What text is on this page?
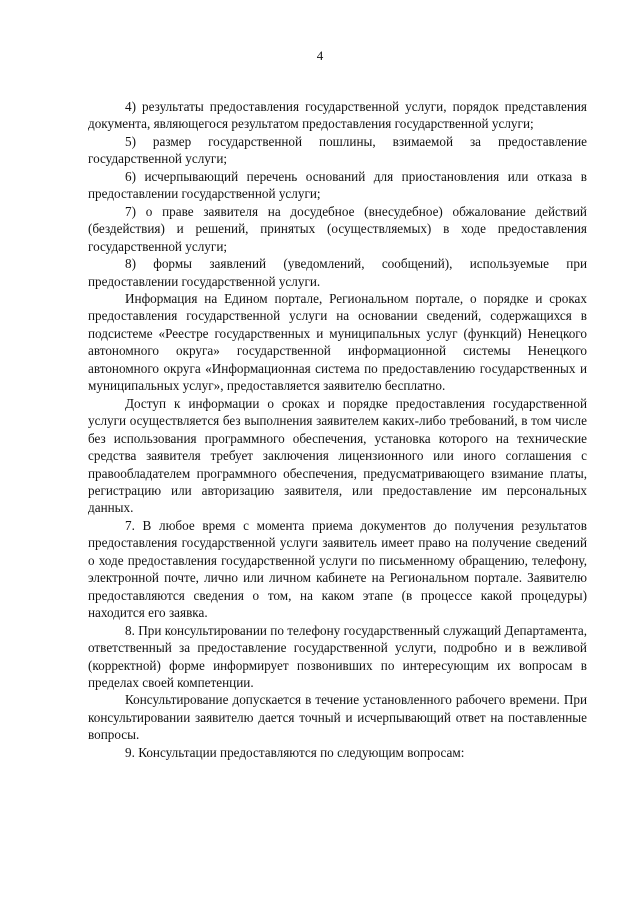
4

4) результаты предоставления государственной услуги, порядок представления документа, являющегося результатом предоставления государственной услуги;

5) размер государственной пошлины, взимаемой за предоставление государственной услуги;

6) исчерпывающий перечень оснований для приостановления или отказа в предоставлении государственной услуги;

7) о праве заявителя на досудебное (внесудебное) обжалование действий (бездействия) и решений, принятых (осуществляемых) в ходе предоставления государственной услуги;

8) формы заявлений (уведомлений, сообщений), используемые при предоставлении государственной услуги.

Информация на Едином портале, Региональном портале, о порядке и сроках предоставления государственной услуги на основании сведений, содержащихся в подсистеме «Реестре государственных и муниципальных услуг (функций) Ненецкого автономного округа» государственной информационной системы Ненецкого автономного округа «Информационная система по предоставлению государственных и муниципальных услуг», предоставляется заявителю бесплатно.

Доступ к информации о сроках и порядке предоставления государственной услуги осуществляется без выполнения заявителем каких-либо требований, в том числе без использования программного обеспечения, установка которого на технические средства заявителя требует заключения лицензионного или иного соглашения с правообладателем программного обеспечения, предусматривающего взимание платы, регистрацию или авторизацию заявителя, или предоставление им персональных данных.

7. В любое время с момента приема документов до получения результатов предоставления государственной услуги заявитель имеет право на получение сведений о ходе предоставления государственной услуги по письменному обращению, телефону, электронной почте, лично или личном кабинете на Региональном портале. Заявителю предоставляются сведения о том, на каком этапе (в процессе какой процедуры) находится его заявка.

8. При консультировании по телефону государственный служащий Департамента, ответственный за предоставление государственной услуги, подробно и в вежливой (корректной) форме информирует позвонивших по интересующим их вопросам в пределах своей компетенции.

Консультирование допускается в течение установленного рабочего времени. При консультировании заявителю дается точный и исчерпывающий ответ на поставленные вопросы.

9. Консультации предоставляются по следующим вопросам:
